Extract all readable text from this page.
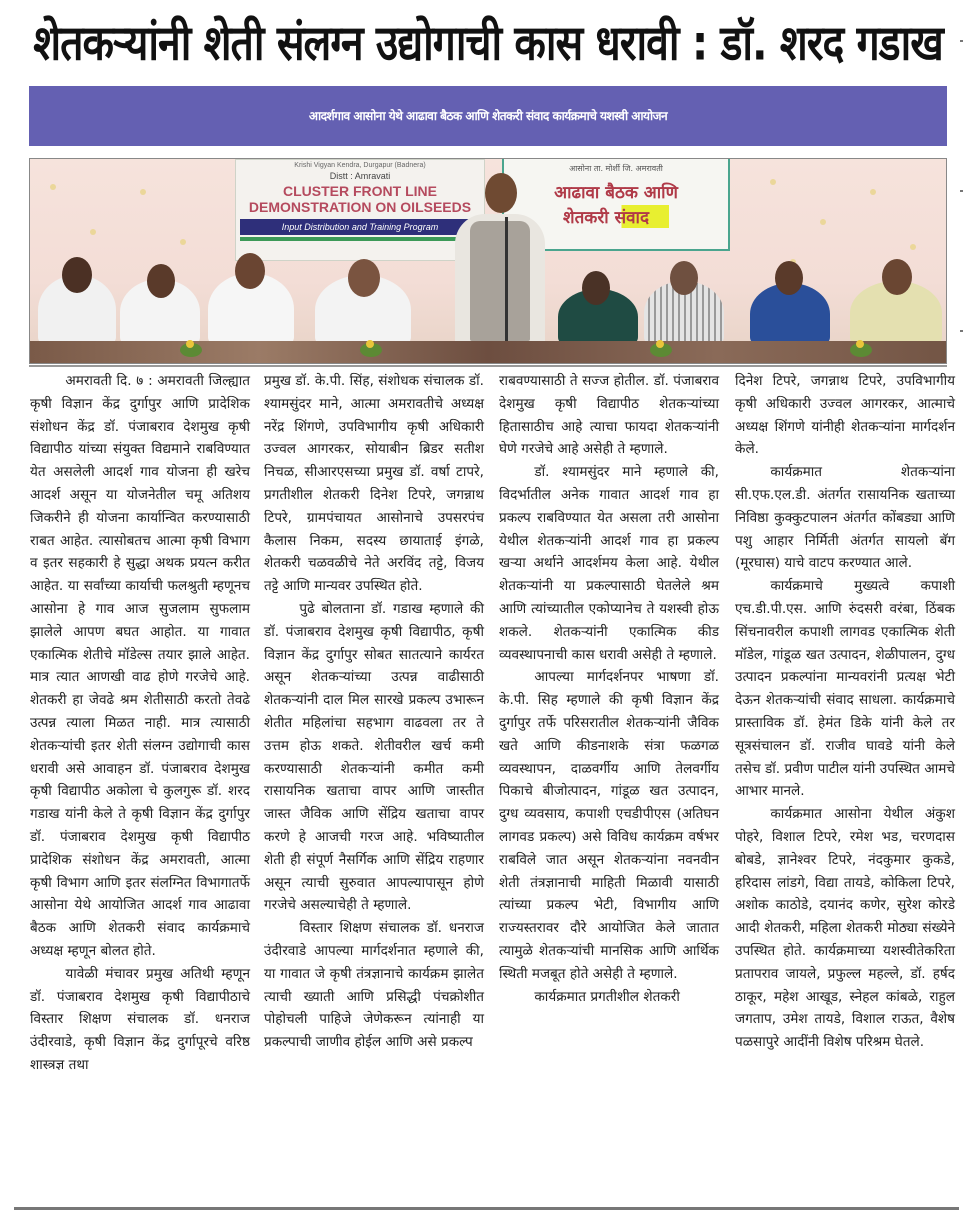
शेतकऱ्यांनी शेती संलग्न उद्योगाची कास धरावी : डॉ. शरद गडाख
आदर्शगाव आसोना येथे आढावा बैठक आणि शेतकरी संवाद कार्यक्रमाचे यशस्वी आयोजन
Krishi Vigyan Kendra, Durgapur (Badnera)
Distt : Amravati
CLUSTER FRONT LINE
DEMONSTRATION ON OILSEEDS
Input Distribution and Training Program
आसोना ता. मोर्शी जि. अमरावती
आढावा बैठक आणि
शेतकरी संवाद

अमरावती दि. ७ : अमरावती जिल्ह्यात कृषी विज्ञान केंद्र दुर्गापुर आणि प्रादेशिक संशोधन केंद्र डॉ. पंजाबराव देशमुख कृषी विद्यापीठ यांच्या संयुक्त विद्यमाने राबविण्यात येत असलेली आदर्श गाव योजना ही खरेच आदर्श असून या योजनेतील चमू अतिशय जिकरीने ही योजना कार्यान्वित करण्यासाठी राबत आहेत. त्यासोबतच आत्मा कृषी विभाग व इतर सहकारी हे सुद्धा अथक प्रयत्न करीत आहेत. या सर्वांच्या कार्याची फलश्रुती म्हणूनच आसोना हे गाव आज सुजलाम सुफलाम झालेले आपण बघत आहोत. या गावात एकात्मिक शेतीचे मॉडेल्स तयार झाले आहेत. मात्र त्यात आणखी वाढ होणे गरजेचे आहे. शेतकरी हा जेवढे श्रम शेतीसाठी करतो तेवढे उत्पन्न त्याला मिळत नाही. मात्र त्यासाठी शेतकऱ्यांची इतर शेती संलग्न उद्योगाची कास धरावी असे आवाहन डॉ. पंजाबराव देशमुख कृषी विद्यापीठ अकोला चे कुलगुरू डॉ. शरद गडाख यांनी केले ते कृषी विज्ञान केंद्र दुर्गापुर डॉ. पंजाबराव देशमुख कृषी विद्यापीठ प्रादेशिक संशोधन केंद्र अमरावती, आत्मा कृषी विभाग आणि इतर संलग्नित विभागातर्फे आसोना येथे आयोजित आदर्श गाव आढावा बैठक आणि शेतकरी संवाद कार्यक्रमाचे अध्यक्ष म्हणून बोलत होते.

यावेळी मंचावर प्रमुख अतिथी म्हणून डॉ. पंजाबराव देशमुख कृषी विद्यापीठाचे विस्तार शिक्षण संचालक डॉ. धनराज उंदीरवाडे, कृषी विज्ञान केंद्र दुर्गापूरचे वरिष्ठ शास्त्रज्ञ तथा

प्रमुख डॉ. के.पी. सिंह, संशोधक संचालक डॉ. श्यामसुंदर माने, आत्मा अमरावतीचे अध्यक्ष नरेंद्र शिंगणे, उपविभागीय कृषी अधिकारी उज्वल आगरकर, सोयाबीन ब्रिडर सतीश निचळ, सीआरएसच्या प्रमुख डॉ. वर्षा टापरे, प्रगतीशील शेतकरी दिनेश टिपरे, जगन्नाथ टिपरे, ग्रामपंचायत आसोनाचे उपसरपंच कैलास निकम, सदस्य छायाताई इंगळे, शेतकरी चळवळीचे नेते अरविंद तट्टे, विजय तट्टे आणि मान्यवर उपस्थित होते.

पुढे बोलताना डॉ. गडाख म्हणाले की डॉ. पंजाबराव देशमुख कृषी विद्यापीठ, कृषी विज्ञान केंद्र दुर्गापुर सोबत सातत्याने कार्यरत असून शेतकऱ्यांच्या उत्पन्न वाढीसाठी शेतकऱ्यांनी दाल मिल सारखे प्रकल्प उभारून शेतीत महिलांचा सहभाग वाढवला तर ते उत्तम होऊ शकते. शेतीवरील खर्च कमी करण्यासाठी शेतकऱ्यांनी कमीत कमी रासायनिक खताचा वापर आणि जास्तीत जास्त जैविक आणि सेंद्रिय खताचा वापर करणे हे आजची गरज आहे. भविष्यातील शेती ही संपूर्ण नैसर्गिक आणि सेंद्रिय राहणार असून त्याची सुरुवात आपल्यापासून होणे गरजेचे असल्याचेही ते म्हणाले.

विस्तार शिक्षण संचालक डॉ. धनराज उंदीरवाडे आपल्या मार्गदर्शनात म्हणाले की, या गावात जे कृषी तंत्रज्ञानाचे कार्यक्रम झालेत त्याची ख्याती आणि प्रसिद्धी पंचक्रोशीत पोहोचली पाहिजे जेणेकरून त्यांनाही या प्रकल्पाची जाणीव होईल आणि असे प्रकल्प

राबवण्यासाठी ते सज्ज होतील. डॉ. पंजाबराव देशमुख कृषी विद्यापीठ शेतकऱ्यांच्या हितासाठीच आहे त्याचा फायदा शेतकऱ्यांनी घेणे गरजेचे आहे असेही ते म्हणाले.

डॉ. श्यामसुंदर माने म्हणाले की, विदर्भातील अनेक गावात आदर्श गाव हा प्रकल्प राबविण्यात येत असला तरी आसोना येथील शेतकऱ्यांनी आदर्श गाव हा प्रकल्प खऱ्या अर्थाने आदर्शमय केला आहे. येथील शेतकऱ्यांनी या प्रकल्पासाठी घेतलेले श्रम आणि त्यांच्यातील एकोप्यानेच ते यशस्वी होऊ शकले. शेतकऱ्यांनी एकात्मिक कीड व्यवस्थापनाची कास धरावी असेही ते म्हणाले.

आपल्या मार्गदर्शनपर भाषणा डॉ. के.पी. सिह म्हणाले की कृषी विज्ञान केंद्र दुर्गापुर तर्फे परिसरातील शेतकऱ्यांनी जैविक खते आणि कीडनाशके संत्रा फळगळ व्यवस्थापन, दाळवर्गीय आणि तेलवर्गीय पिकाचे बीजोत्पादन, गांडूळ खत उत्पादन, दुग्ध व्यवसाय, कपाशी एचडीपीएस (अतिघन लागवड प्रकल्प) असे विविध कार्यक्रम वर्षभर राबविले जात असून शेतकऱ्यांना नवनवीन शेती तंत्रज्ञानाची माहिती मिळावी यासाठी त्यांच्या प्रकल्प भेटी, विभागीय आणि राज्यस्तरावर दौरे आयोजित केले जातात त्यामुळे शेतकऱ्यांची मानसिक आणि आर्थिक स्थिती मजबूत होते असेही ते म्हणाले.

कार्यक्रमात प्रगतीशील शेतकरी

दिनेश टिपरे, जगन्नाथ टिपरे, उपविभागीय कृषी अधिकारी उज्वल आगरकर, आत्माचे अध्यक्ष शिंगणे यांनीही शेतकऱ्यांना मार्गदर्शन केले.

कार्यक्रमात शेतकऱ्यांना सी.एफ.एल.डी. अंतर्गत रासायनिक खताच्या निविष्ठा कुक्कुटपालन अंतर्गत कोंबड्या आणि पशु आहार निर्मिती अंतर्गत सायलो बॅग (मूरघास) याचे वाटप करण्यात आले.

कार्यक्रमाचे मुख्यत्वे कपाशी एच.डी.पी.एस. आणि रुंदसरी वरंबा, ठिंबक सिंचनावरील कपाशी लागवड एकात्मिक शेती मॉडेल, गांडूळ खत उत्पादन, शेळीपालन, दुग्ध उत्पादन प्रकल्पांना मान्यवरांनी प्रत्यक्ष भेटी देऊन शेतकऱ्यांची संवाद साधला. कार्यक्रमाचे प्रास्ताविक डॉ. हेमंत डिके यांनी केले तर सूत्रसंचालन डॉ. राजीव घावडे यांनी केले तसेच डॉ. प्रवीण पाटील यांनी उपस्थित आमचे आभार मानले.

कार्यक्रमात आसोना येथील अंकुश पोहरे, विशाल टिपरे, रमेश भड, चरणदास बोबडे, ज्ञानेश्वर टिपरे, नंदकुमार कुकडे, हरिदास लांडगे, विद्या तायडे, कोकिला टिपरे, अशोक काठोडे, दयानंद कणेर, सुरेश कोरडे आदी शेतकरी, महिला शेतकरी मोठ्या संख्येने उपस्थित होते. कार्यक्रमाच्या यशस्वीतेकरिता प्रतापराव जायले, प्रफुल्ल महल्ले, डॉ. हर्षद ठाकूर, महेश आखूड, स्नेहल कांबळे, राहुल जगताप, उमेश तायडे, विशाल राऊत, वैशेष पळसापुरे आदींनी विशेष परिश्रम घेतले.
